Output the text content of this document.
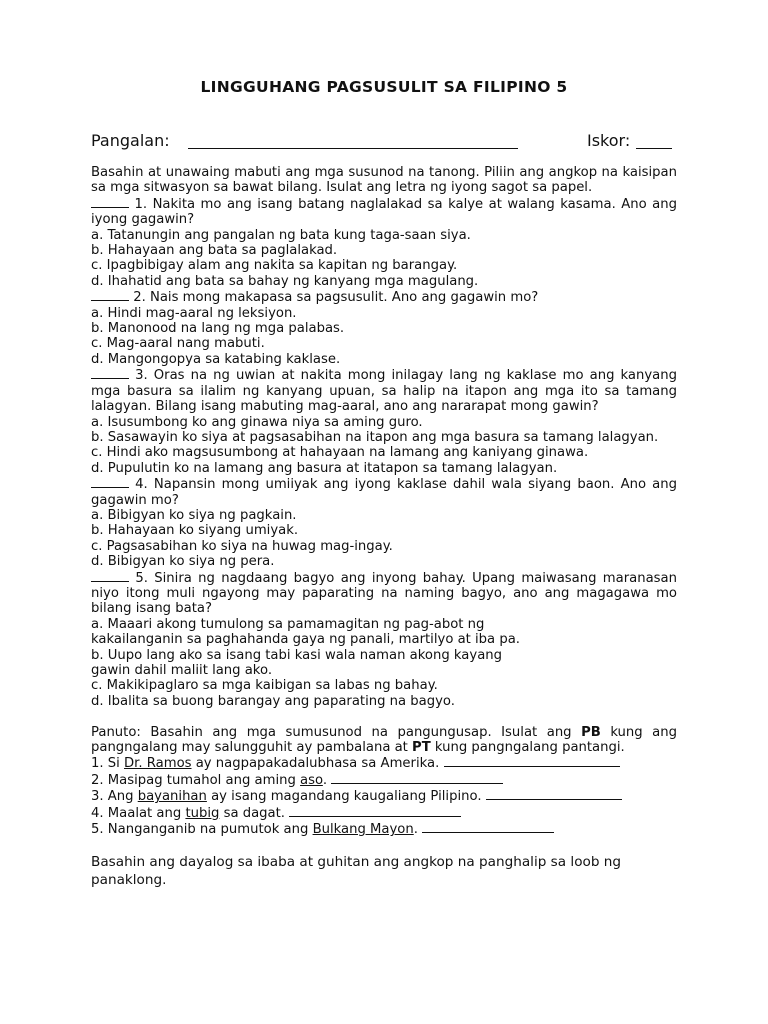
LINGGUHANG PAGSUSULIT SA FILIPINO 5
Pangalan:	Iskor:

Basahin at unawaing mabuti ang mga susunod na tanong. Piliin ang angkop na kaisipan sa mga sitwasyon sa bawat bilang. Isulat ang letra ng iyong sagot sa papel.

1. Nakita mo ang isang batang naglalakad sa kalye at walang kasama. Ano ang iyong gagawin?

a. Tatanungin ang pangalan ng bata kung taga-saan siya.

b. Hahayaan ang bata sa paglalakad.

c. Ipagbibigay alam ang nakita sa kapitan ng barangay.

d. Ihahatid ang bata sa bahay ng kanyang mga magulang.

2. Nais mong makapasa sa pagsusulit. Ano ang gagawin mo?

a. Hindi mag-aaral ng leksiyon.

b. Manonood na lang ng mga palabas.

c. Mag-aaral nang mabuti.

d. Mangongopya sa katabing kaklase.

3. Oras na ng uwian at nakita mong inilagay lang ng kaklase mo ang kanyang mga basura sa ilalim ng kanyang upuan, sa halip na itapon ang mga ito sa tamang lalagyan. Bilang isang mabuting mag-aaral, ano ang nararapat mong gawin?

a. Isusumbong ko ang ginawa niya sa aming guro.

b. Sasawayin ko siya at pagsasabihan na itapon ang mga basura sa tamang lalagyan.

c. Hindi ako magsusumbong at hahayaan na lamang ang kaniyang ginawa.

d. Pupulutin ko na lamang ang basura at itatapon sa tamang lalagyan.

4. Napansin mong umiiyak ang iyong kaklase dahil wala siyang baon. Ano ang gagawin mo?

a. Bibigyan ko siya ng pagkain.

b. Hahayaan ko siyang umiyak.

c. Pagsasabihan ko siya na huwag mag-ingay.

d. Bibigyan ko siya ng pera.

5. Sinira ng nagdaang bagyo ang inyong bahay. Upang maiwasang maranasan niyo itong muli ngayong may paparating na naming bagyo, ano ang magagawa mo bilang isang bata?

a. Maaari akong tumulong sa pamamagitan ng pag-abot ng

kakailanganin sa paghahanda gaya ng panali, martilyo at iba pa.

b. Uupo lang ako sa isang tabi kasi wala naman akong kayang

gawin dahil maliit lang ako.

c. Makikipaglaro sa mga kaibigan sa labas ng bahay.

d. Ibalita sa buong barangay ang paparating na bagyo.

Panuto: Basahin ang mga sumusunod na pangungusap. Isulat ang PB kung ang pangngalang may salungguhit ay pambalana at PT kung pangngalang pantangi.

1. Si Dr. Ramos ay nagpapakadalubhasa sa Amerika.

2. Masipag tumahol ang aming aso.

3. Ang bayanihan ay isang magandang kaugaliang Pilipino.

4. Maalat ang tubig sa dagat.

5. Nanganganib na pumutok ang Bulkang Mayon.

Basahin ang dayalog sa ibaba at guhitan ang angkop na panghalip sa loob ng panaklong.
